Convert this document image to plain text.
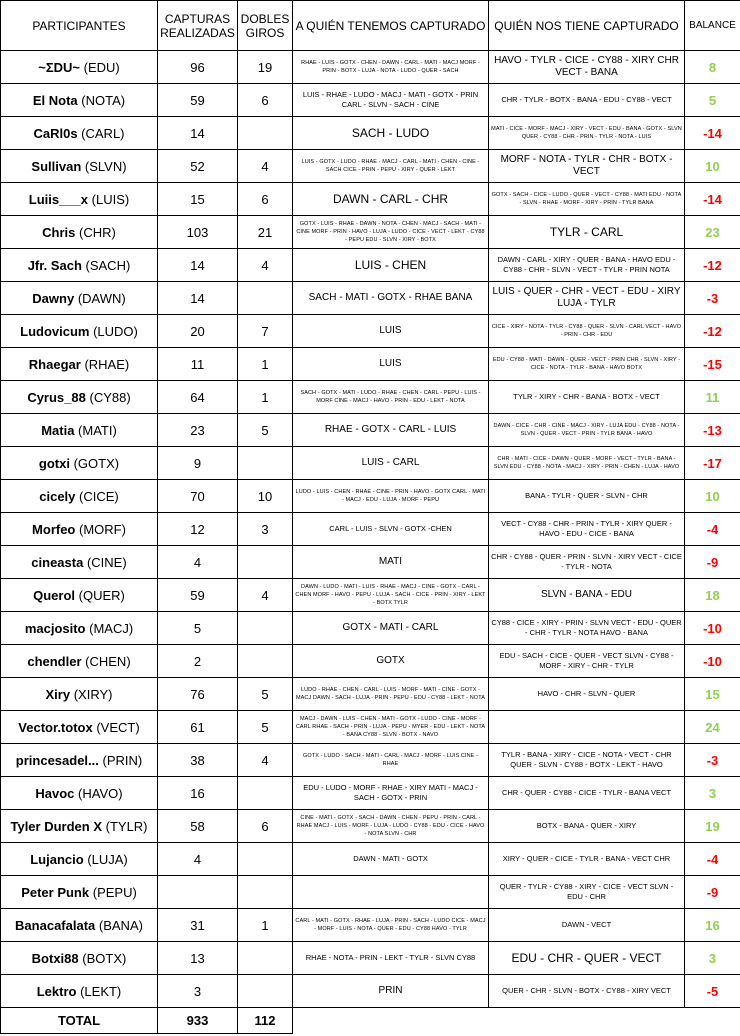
PARTICIPANTES	CAPTURAS REALIZADAS	DOBLES GIROS	A QUIÉN TENEMOS CAPTURADO	QUIÉN NOS TIENE CAPTURADO	BALANCE
~ΣDU~ (EDU)	96	19	RHAE - LUIS - GOTX - CHEN - DAWN - CARL - MATI - MACJ MORF - PRIN - BOTX - LUJA - NOTA - LUDO - QUER - SACH	HAVO - TYLR - CICE - CY88 - XIRY CHR VECT - BANA	8
El Nota (NOTA)	59	6	LUIS - RHAE - LUDO - MACJ - MATI - GOTX - PRIN CARL - SLVN - SACH - CINE	CHR - TYLR - BOTX - BANA - EDU - CY88 - VECT	5
CaRl0s (CARL)	14		SACH - LUDO	MATI - CICE - MORF - MACJ - XIRY - VECT - EDU - BANA - GOTX - SLVN QUER - CY88 - CHR - PRIN - TYLR - NOTA - LUIS	-14
Sullivan (SLVN)	52	4	LUIS - GOTX - LUDO - RHAE - MACJ - CARL - MATI - CHEN - CINE - SACH CICE - PRIN - PEPU - XIRY - QUER - LEKT	MORF - NOTA - TYLR - CHR - BOTX - VECT	10
Luiis___x (LUIS)	15	6	DAWN - CARL - CHR	GOTX - SACH - CICE - LUDO - QUER - VECT - CY88 - MATI EDU - NOTA - SLVN - RHAE - MORF - XIRY - PRIN - TYLR BANA	-14
Chris (CHR)	103	21	GOTX - LUIS - RHAE - DAWN - NOTA - CHEN - MACJ - SACH - MATI - CINE MORF - PRIN - HAVO - LUJA - LUDO - CICE - VECT - LEKT - CY88 - PEPU EDU - SLVN - XIRY - BOTX	TYLR - CARL	23
Jfr. Sach (SACH)	14	4	LUIS - CHEN	DAWN - CARL - XIRY - QUER - BANA - HAVO EDU - CY88 - CHR - SLVN - VECT - TYLR - PRIN NOTA	-12
Dawny (DAWN)	14		SACH - MATI - GOTX - RHAE BANA	LUIS - QUER - CHR - VECT - EDU - XIRY LUJA - TYLR	-3
Ludovicum (LUDO)	20	7	LUIS	CICE - XIRY - NOTA - TYLR - CY88 - QUER - SLVN - CARL VECT - HAVO - PRIN - CHR - EDU	-12
Rhaegar (RHAE)	11	1	LUIS	EDU - CY88 - MATI - DAWN - QUER - VECT - PRIN CHR - SLVN - XIRY - CICE - NOTA - TYLR - BANA - HAVO BOTX	-15
Cyrus_88 (CY88)	64	1	SACH - GOTX - MATI - LUDO - RHAE - CHEN - CARL - PEPU - LUIS - MORF CINE - MACJ - HAVO - PRIN - EDU - LEKT - NOTA	TYLR - XIRY - CHR - BANA - BOTX - VECT	11
Matia (MATI)	23	5	RHAE - GOTX - CARL - LUIS	DAWN - CICE - CHR - CINE - MACJ - XIRY - LUJA EDU - CY88 - NOTA - SLVN - QUER - VECT - PRIN - TYLR BANA - HAVO	-13
gotxi (GOTX)	9		LUIS - CARL	CHR - MATI - CICE - DAWN - QUER - MORF - VECT - TYLR - BANA - SLVN EDU - CY88 - NOTA - MACJ - XIRY - PRIN - CHEN - LUJA - HAVO	-17
cicely (CICE)	70	10	LUDO - LUIS - CHEN - RHAE - CINE - PRIN - HAVO - GOTX CARL - MATI - MACJ - EDU - LUJA - MORF - PEPU	BANA - TYLR - QUER - SLVN - CHR	10
Morfeo (MORF)	12	3	CARL - LUIS - SLVN - GOTX -CHEN	VECT - CY88 - CHR - PRIN - TYLR - XIRY QUER - HAVO - EDU - CICE - BANA	-4
cineasta (CINE)	4		MATI	CHR - CY88 - QUER - PRIN - SLVN - XIRY VECT - CICE - TYLR - NOTA	-9
Querol (QUER)	59	4	DAWN - LUDO - MATI - LUIS - RHAE - MACJ - CINE - GOTX - CARL - CHEN MORF - HAVO - PEPU - LUJA - SACH - CICE - PRIN - XIRY - LEKT - BOTX TYLR	SLVN - BANA - EDU	18
macjosito (MACJ)	5		GOTX - MATI - CARL	CY88 - CICE - XIRY - PRIN - SLVN VECT - EDU - QUER - CHR - TYLR - NOTA HAVO - BANA	-10
chendler (CHEN)	2		GOTX	EDU - SACH - CICE - QUER - VECT SLVN - CY88 - MORF - XIRY - CHR - TYLR	-10
Xiry (XIRY)	76	5	LUDO - RHAE - CHEN - CARL - LUIS - MORF - MATI - CINE - GOTX - MACJ DAWN - SACH - LUJA - PRIN - PEPU - EDU - CY88 - LEKT - NOTA	HAVO - CHR - SLVN - QUER	15
Vector.totox (VECT)	61	5	MACJ - DAWN - LUIS - CHEN - MATI - GOTX - LUDO - CINE - MORF - CARL RHAE - SACH - PRIN - LUJA - PEPU - MYER - EDU - LEKT - NOTA - BANA CY88 - SLVN - BOTX - NAVO		24
princesadel... (PRIN)	38	4	GOTX - LUDO - SACH - MATI - CARL - MACJ - MORF - LUIS CINE - RHAE	TYLR - BANA - XIRY - CICE - NOTA - VECT - CHR QUER - SLVN - CY88 - BOTX - LEKT - HAVO	-3
Havoc (HAVO)	16		EDU - LUDO - MORF - RHAE - XIRY MATI - MACJ - SACH - GOTX - PRIN	CHR - QUER - CY88 - CICE - TYLR - BANA VECT	3
Tyler Durden X (TYLR)	58	6	CINE - MATI - GOTX - SACH - DAWN - CHEN - PEPU - PRIN - CARL - RHAE MACJ - LUIS - MORF - LUJA - LUDO - CY88 - EDU - CICE - HAVO - NOTA SLVN - CHR	BOTX - BANA - QUER - XIRY	19
Lujancio (LUJA)	4		DAWN - MATI - GOTX	XIRY - QUER - CICE - TYLR - BANA - VECT CHR	-4
Peter Punk (PEPU)				QUER - TYLR - CY88 - XIRY - CICE - VECT SLVN - EDU - CHR	-9
Banacafalata (BANA)	31	1	CARL - MATI - GOTX - RHAE - LUJA - PRIN - SACH - LUDO CICE - MACJ - MORF - LUIS - NOTA - QUER - EDU - CY88 HAVO - TYLR	DAWN - VECT	16
Botxi88 (BOTX)	13		RHAE - NOTA - PRIN - LEKT - TYLR - SLVN CY88	EDU - CHR - QUER - VECT	3
Lektro (LEKT)	3		PRIN	QUER - CHR - SLVN - BOTX - CY88 - XIRY VECT	-5
TOTAL	933	112			
